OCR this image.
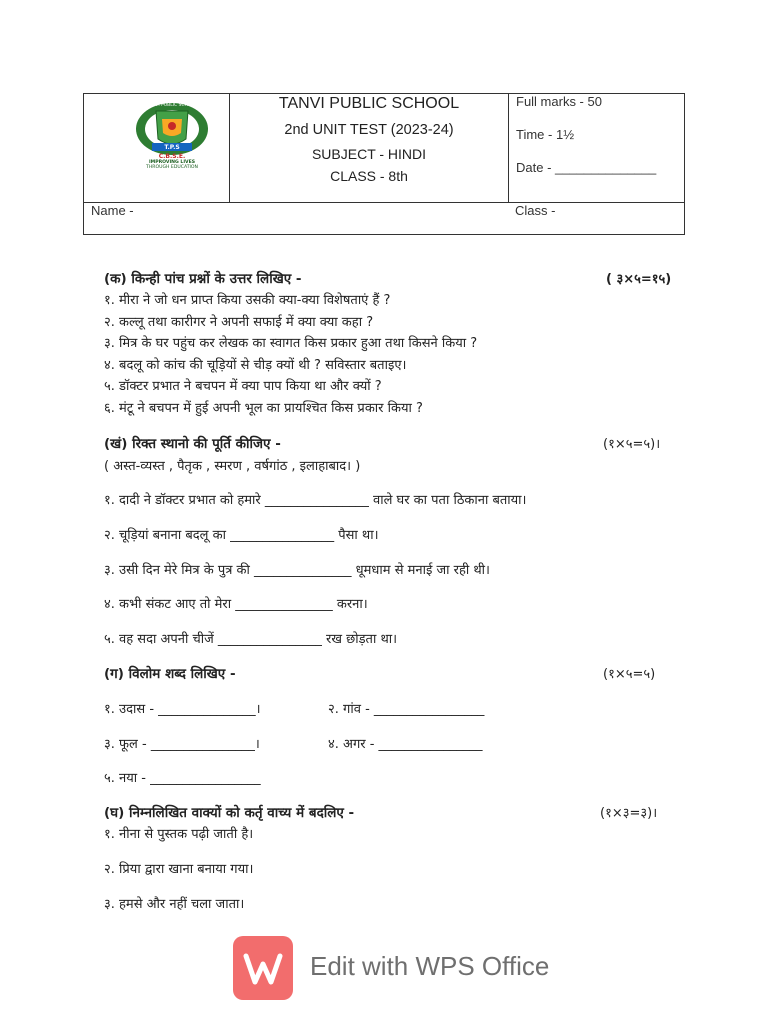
T.P.S
C.B.S.E.
TANVI PUBLIC SCHOOL
IMPROVING LIVES
THROUGH EDUCATION
TANVI PUBLIC SCHOOL
2nd UNIT TEST (2023-24)
SUBJECT - HINDI
CLASS - 8th
Full marks - 50
Time - 1½
Date - ______________
Name -	Class -
(क) किन्ही पांच प्रश्नों के उत्तर लिखिए -	( ३×५=१५)
१. मीरा ने जो धन प्राप्त किया उसकी क्या-क्या विशेषताएं हैं ?
२. कल्लू तथा कारीगर ने अपनी सफाई में क्या क्या कहा ?
३. मित्र के घर पहुंच कर लेखक का स्वागत किस प्रकार हुआ तथा किसने किया ?
४. बदलू को कांच की चूड़ियों से चीड़ क्यों थी ? सविस्तार बताइए।
५. डॉक्टर प्रभात ने बचपन में क्या पाप किया था और क्यों ?
६. मंटू ने बचपन में हुई अपनी भूल का प्रायश्चित किस प्रकार किया ?
(खं) रिक्त स्थानो की पूर्ति कीजिए -	(१×५=५)।
( अस्त-व्यस्त , पैतृक , स्मरण , वर्षगांठ , इलाहाबाद। )
१. दादी ने डॉक्टर प्रभात को हमारे ________________ वाले घर का पता ठिकाना बताया।
२. चूड़ियां बनाना बदलू का ________________ पैसा था।
३. उसी दिन मेरे मित्र के पुत्र की _______________ धूमधाम से मनाई जा रही थी।
४. कभी संकट आए तो मेरा _______________ करना।
५. वह सदा अपनी चीजें ________________ रख छोड़ता था।
(ग) विलोम शब्द लिखिए -	(१×५=५)
१. उदास - _______________।	२. गांव - _________________
३. फूल - ________________।	४. अगर - ________________
५. नया - _________________
(घ) निम्नलिखित वाक्यों को कर्तृ वाच्य में बदलिए -	(१×३=३)।
१. नीना से पुस्तक पढ़ी जाती है।
२. प्रिया द्वारा खाना बनाया गया।
३. हमसे और नहीं चला जाता।
Edit with WPS Office
